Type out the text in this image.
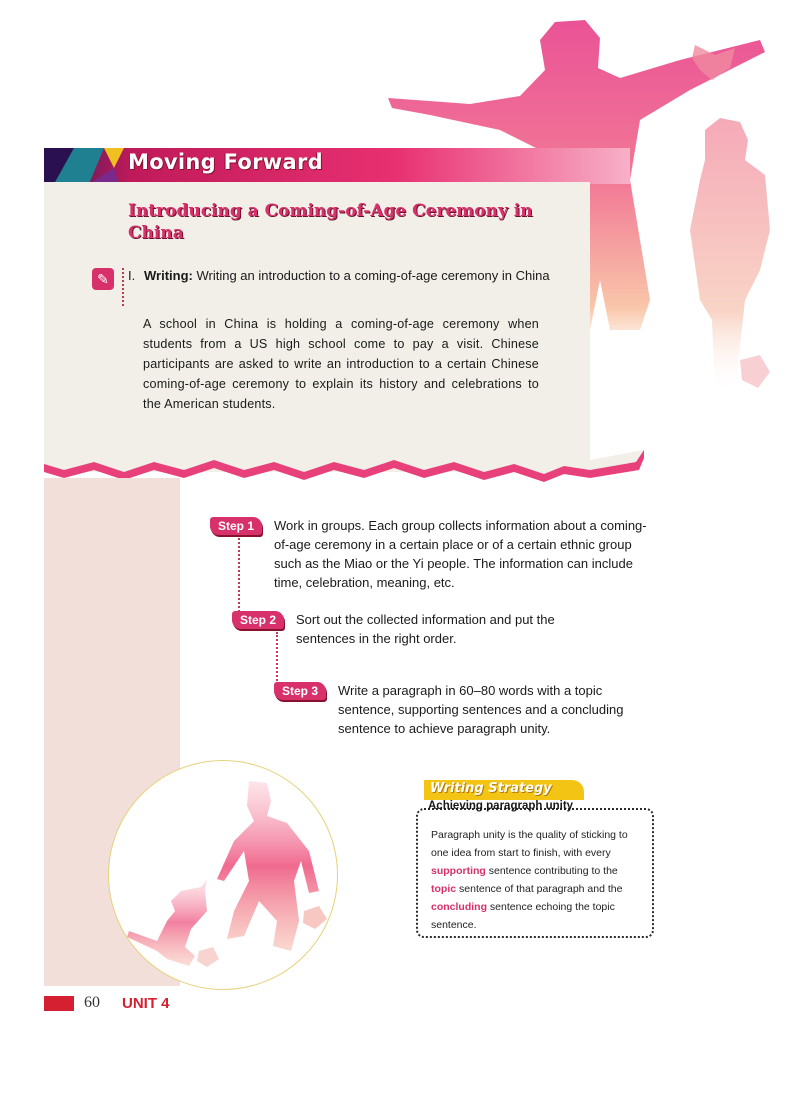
Moving Forward
Introducing a Coming-of-Age Ceremony in China
✎	I. Writing: Writing an introduction to a coming-of-age ceremony in China
A school in China is holding a coming-of-age ceremony when students from a US high school come to pay a visit. Chinese participants are asked to write an introduction to a certain Chinese coming-of-age ceremony to explain its history and celebrations to the American students.
Step 1	Work in groups. Each group collects information about a coming-of-age ceremony in a certain place or of a certain ethnic group such as the Miao or the Yi people. The information can include time, celebration, meaning, etc.
Step 2	Sort out the collected information and put the sentences in the right order.
Step 3	Write a paragraph in 60–80 words with a topic sentence, supporting sentences and a concluding sentence to achieve paragraph unity.
Writing Strategy
Achieving paragraph unity
Paragraph unity is the quality of sticking to one idea from start to finish, with every supporting sentence contributing to the topic sentence of that paragraph and the concluding sentence echoing the topic sentence.
60 UNIT 4
